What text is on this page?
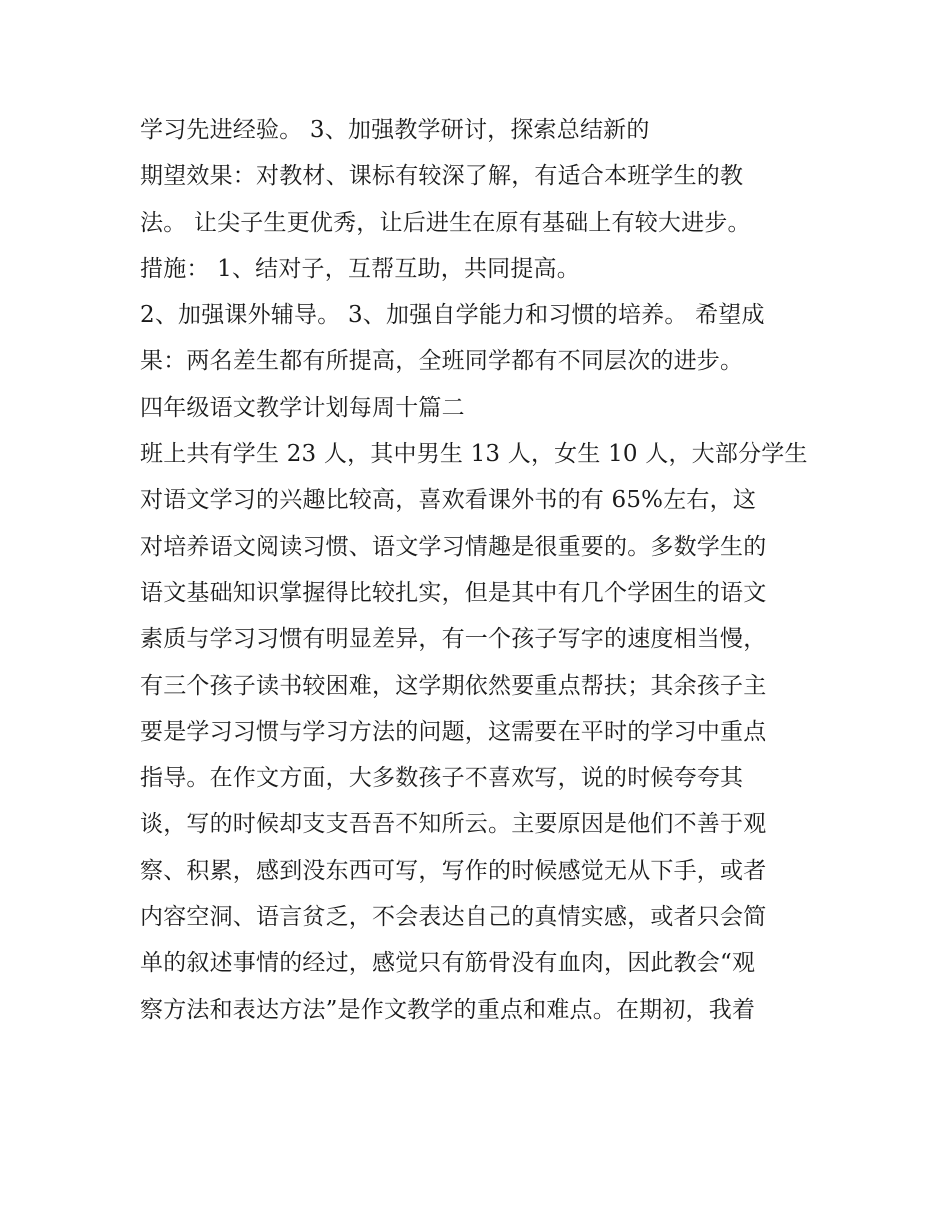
学习先进经验。 3、加强教学研讨，探索总结新的
期望效果：对教材、课标有较深了解，有适合本班学生的教
法。 让尖子生更优秀，让后进生在原有基础上有较大进步。
措施： 1、结对子，互帮互助，共同提高。
2、加强课外辅导。 3、加强自学能力和习惯的培养。 希望成
果：两名差生都有所提高，全班同学都有不同层次的进步。
四年级语文教学计划每周十篇二
班上共有学生 23 人，其中男生 13 人，女生 10 人，大部分学生
对语文学习的兴趣比较高，喜欢看课外书的有 65%左右，这
对培养语文阅读习惯、语文学习情趣是很重要的。多数学生的
语文基础知识掌握得比较扎实，但是其中有几个学困生的语文
素质与学习习惯有明显差异，有一个孩子写字的速度相当慢，
有三个孩子读书较困难，这学期依然要重点帮扶；其余孩子主
要是学习习惯与学习方法的问题，这需要在平时的学习中重点
指导。在作文方面，大多数孩子不喜欢写，说的时候夸夸其
谈，写的时候却支支吾吾不知所云。主要原因是他们不善于观
察、积累，感到没东西可写，写作的时候感觉无从下手，或者
内容空洞、语言贫乏，不会表达自己的真情实感，或者只会简
单的叙述事情的经过，感觉只有筋骨没有血肉，因此教会“观
察方法和表达方法”是作文教学的重点和难点。在期初，我着
